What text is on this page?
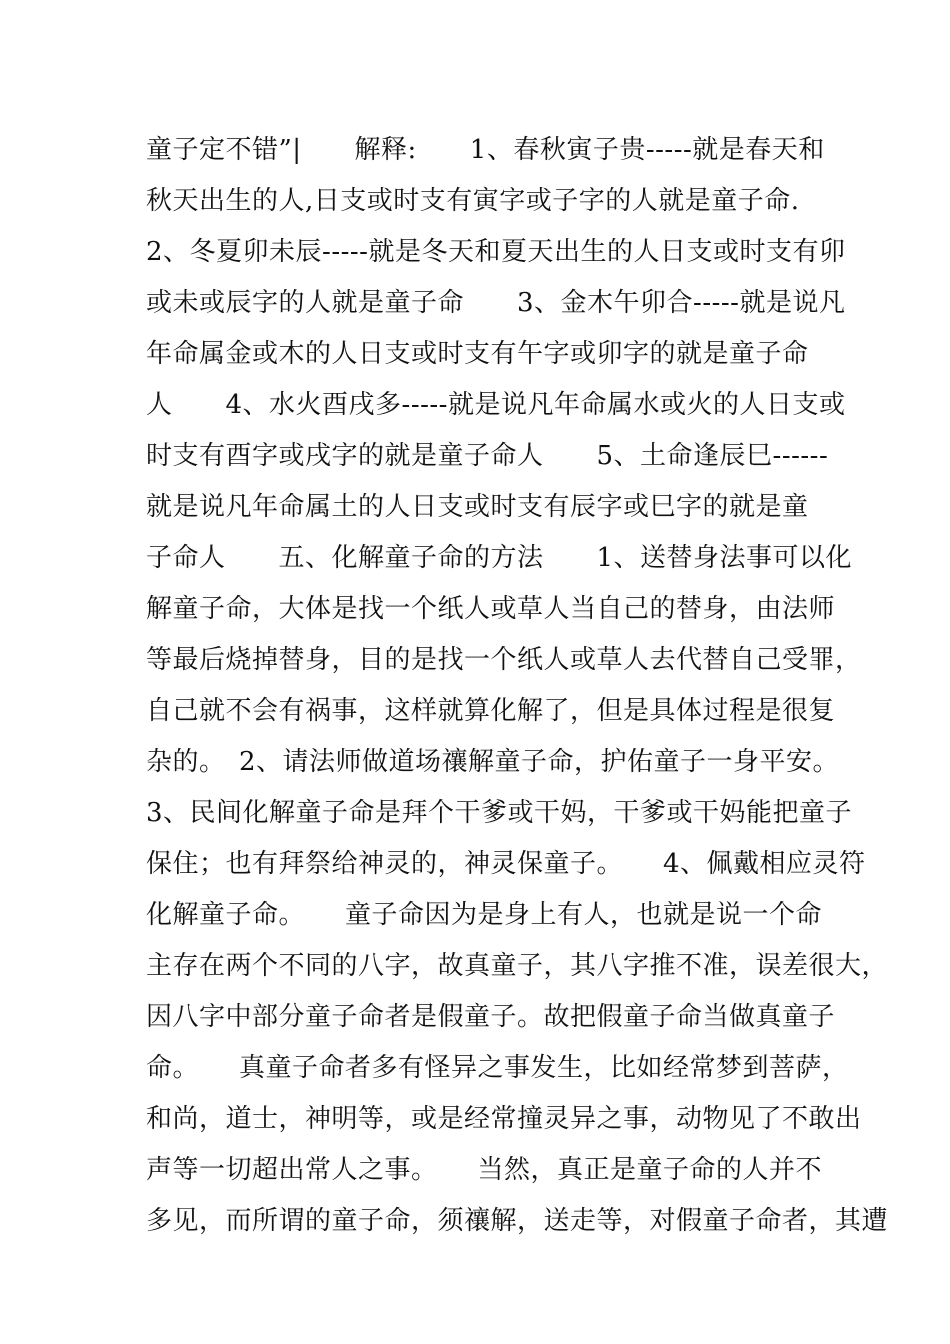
童子定不错”|　　解释:　　1、春秋寅子贵-----就是春天和
秋天出生的人,日支或时支有寅字或子字的人就是童子命.
2、冬夏卯未辰-----就是冬天和夏天出生的人日支或时支有卯
或未或辰字的人就是童子命　　3、金木午卯合-----就是说凡
年命属金或木的人日支或时支有午字或卯字的就是童子命
人　　4、水火酉戌多-----就是说凡年命属水或火的人日支或
时支有酉字或戌字的就是童子命人　　5、土命逢辰巳------
就是说凡年命属土的人日支或时支有辰字或巳字的就是童
子命人　　五、化解童子命的方法　　1、送替身法事可以化
解童子命，大体是找一个纸人或草人当自己的替身，由法师
等最后烧掉替身，目的是找一个纸人或草人去代替自己受罪，
自己就不会有祸事，这样就算化解了，但是具体过程是很复
杂的。　2、请法师做道场禳解童子命，护佑童子一身平安。
3、民间化解童子命是拜个干爹或干妈，干爹或干妈能把童子
保住；也有拜祭给神灵的，神灵保童子。　　4、佩戴相应灵符
化解童子命。　　童子命因为是身上有人，也就是说一个命
主存在两个不同的八字，故真童子，其八字推不准，误差很大，
因八字中部分童子命者是假童子。故把假童子命当做真童子
命。　　真童子命者多有怪异之事发生，比如经常梦到菩萨，
和尚，道士，神明等，或是经常撞灵异之事，动物见了不敢出
声等一切超出常人之事。　　当然，真正是童子命的人并不
多见，而所谓的童子命，须禳解，送走等，对假童子命者，其遭
